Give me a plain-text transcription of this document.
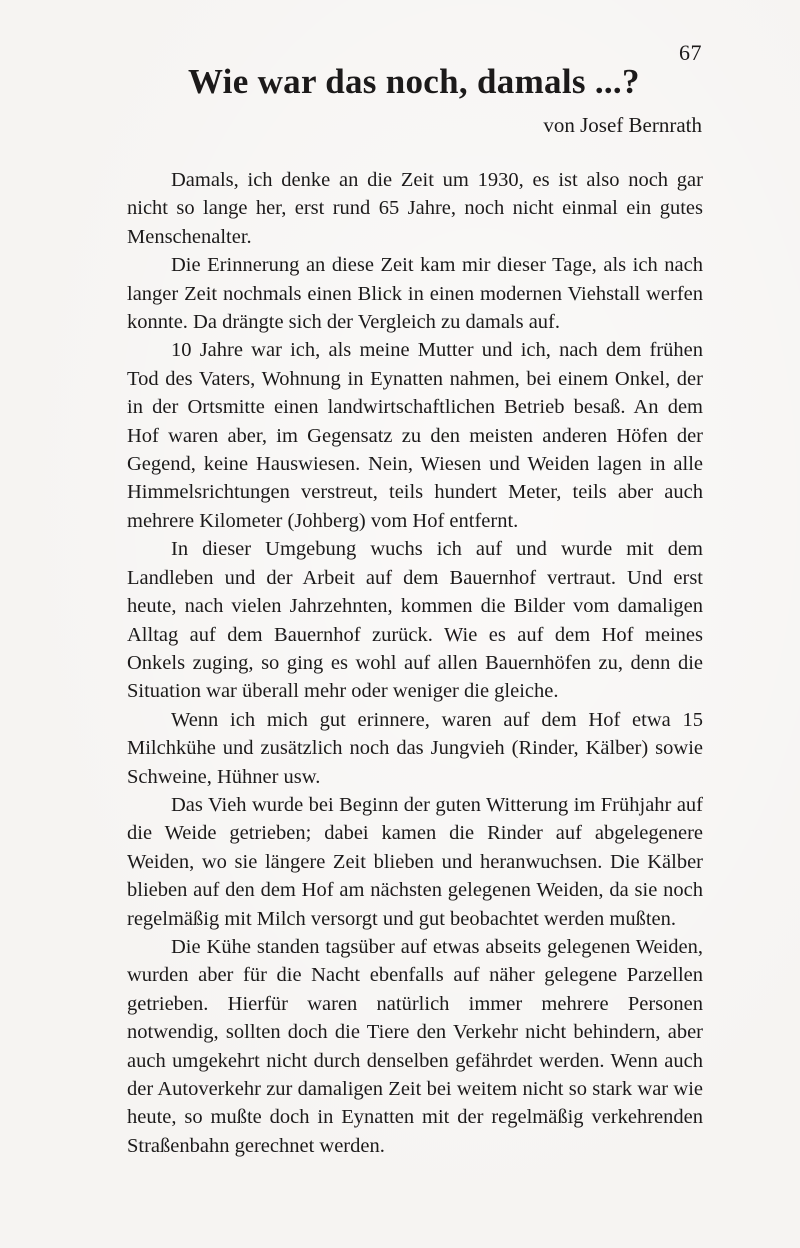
67
Wie war das noch, damals ...?
von Josef Bernrath

Damals, ich denke an die Zeit um 1930, es ist also noch gar nicht so lange her, erst rund 65 Jahre, noch nicht einmal ein gutes Menschenalter.

Die Erinnerung an diese Zeit kam mir dieser Tage, als ich nach langer Zeit nochmals einen Blick in einen modernen Viehstall werfen konnte. Da drängte sich der Vergleich zu damals auf.

10 Jahre war ich, als meine Mutter und ich, nach dem frühen Tod des Vaters, Wohnung in Eynatten nahmen, bei einem Onkel, der in der Ortsmitte einen landwirtschaftlichen Betrieb besaß. An dem Hof waren aber, im Gegensatz zu den meisten anderen Höfen der Gegend, keine Hauswiesen. Nein, Wiesen und Weiden lagen in alle Himmelsrichtungen verstreut, teils hundert Meter, teils aber auch mehrere Kilometer (Johberg) vom Hof entfernt.

In dieser Umgebung wuchs ich auf und wurde mit dem Landleben und der Arbeit auf dem Bauernhof vertraut. Und erst heute, nach vielen Jahrzehnten, kommen die Bilder vom damaligen Alltag auf dem Bauernhof zurück. Wie es auf dem Hof meines Onkels zuging, so ging es wohl auf allen Bauernhöfen zu, denn die Situation war überall mehr oder weniger die gleiche.

Wenn ich mich gut erinnere, waren auf dem Hof etwa 15 Milchkühe und zusätzlich noch das Jungvieh (Rinder, Kälber) sowie Schweine, Hühner usw.

Das Vieh wurde bei Beginn der guten Witterung im Frühjahr auf die Weide getrieben; dabei kamen die Rinder auf abgelegenere Weiden, wo sie längere Zeit blieben und heranwuchsen. Die Kälber blieben auf den dem Hof am nächsten gelegenen Weiden, da sie noch regelmäßig mit Milch versorgt und gut beobachtet werden mußten.

Die Kühe standen tagsüber auf etwas abseits gelegenen Weiden, wurden aber für die Nacht ebenfalls auf näher gelegene Parzellen getrieben. Hierfür waren natürlich immer mehrere Personen notwendig, sollten doch die Tiere den Verkehr nicht behindern, aber auch umgekehrt nicht durch denselben gefährdet werden. Wenn auch der Autoverkehr zur damaligen Zeit bei weitem nicht so stark war wie heute, so mußte doch in Eynatten mit der regelmäßig verkehrenden Straßenbahn gerechnet werden.
